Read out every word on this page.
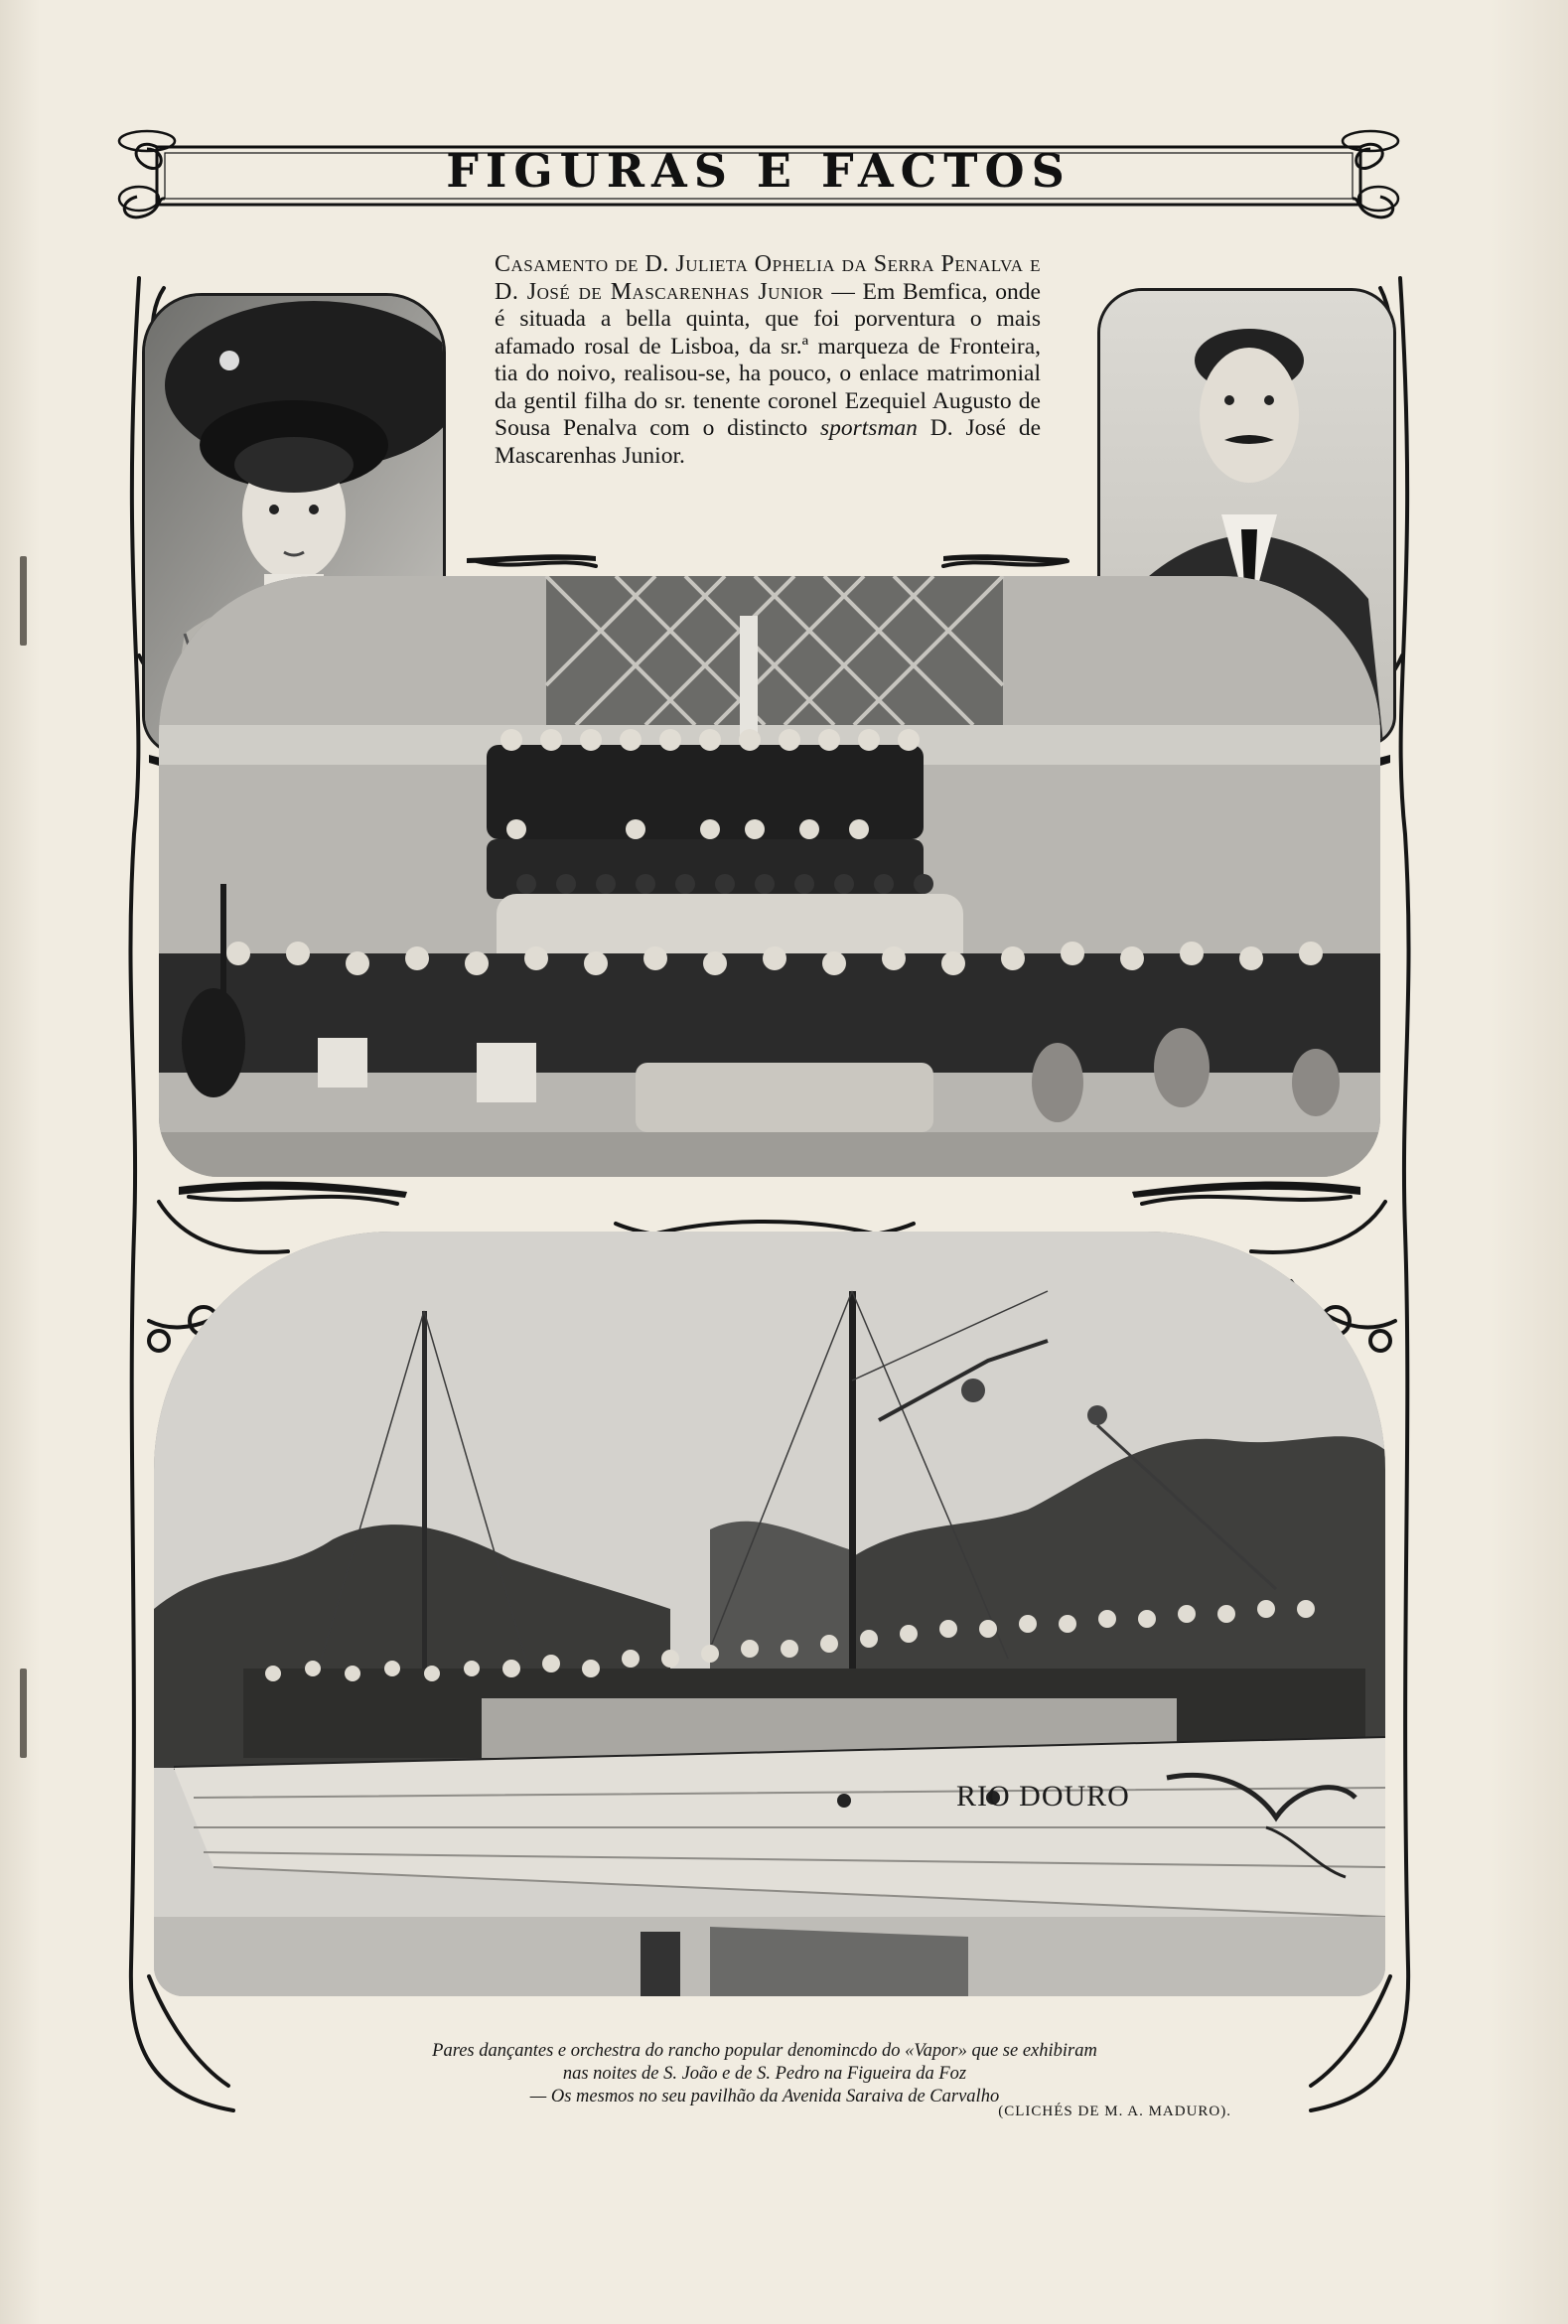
FIGURAS E FACTOS
Casamento de D. Julieta Ophelia da Serra Penalva e D. José de Mascarenhas Junior — Em Bemfica, onde é situada a bella quinta, que foi porventura o mais afamado rosal de Lisboa, da sr.ª marqueza de Fronteira, tia do noivo, realisou-se, ha pouco, o enlace matrimonial da gentil filha do sr. tenente coronel Ezequiel Augusto de Sousa Penalva com o distincto sportsman D. José de Mascarenhas Junior.
RIO DOURO
Pares dançantes e orchestra do rancho popular denomincdo do «Vapor» que se exhibiram
nas noites de S. João e de S. Pedro na Figueira da Foz
— Os mesmos no seu pavilhão da Avenida Saraiva de Carvalho
(CLICHÉS DE M. A. MADURO).
